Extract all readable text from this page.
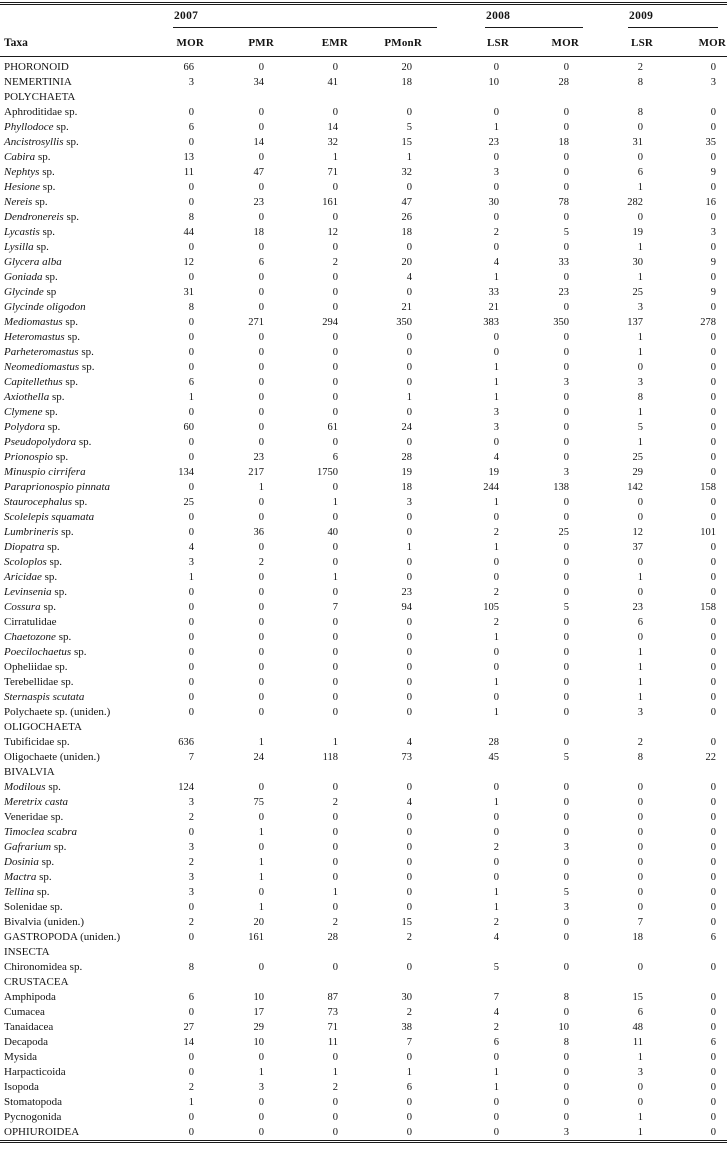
Taxa	2007				2008		2009	

	MOR	PMR	EMR	PMonR	LSR	MOR	LSR	MOR
PHORONOID	66	0	0	20	0	0	2	0
NEMERTINIA	3	34	41	18	10	28	8	3
POLYCHAETA								
Aphroditidae sp.	0	0	0	0	0	0	8	0
Phyllodoce sp.	6	0	14	5	1	0	0	0
Ancistrosyllis sp.	0	14	32	15	23	18	31	35
Cabira sp.	13	0	1	1	0	0	0	0
Nephtys sp.	11	47	71	32	3	0	6	9
Hesione sp.	0	0	0	0	0	0	1	0
Nereis sp.	0	23	161	47	30	78	282	16
Dendronereis sp.	8	0	0	26	0	0	0	0
Lycastis sp.	44	18	12	18	2	5	19	3
Lysilla sp.	0	0	0	0	0	0	1	0
Glycera alba	12	6	2	20	4	33	30	9
Goniada sp.	0	0	0	4	1	0	1	0
Glycinde sp	31	0	0	0	33	23	25	9
Glycinde oligodon	8	0	0	21	21	0	3	0
Mediomastus sp.	0	271	294	350	383	350	137	278
Heteromastus sp.	0	0	0	0	0	0	1	0
Parheteromastus sp.	0	0	0	0	0	0	1	0
Neomediomastus sp.	0	0	0	0	1	0	0	0
Capitellethus sp.	6	0	0	0	1	3	3	0
Axiothella sp.	1	0	0	1	1	0	8	0
Clymene sp.	0	0	0	0	3	0	1	0
Polydora sp.	60	0	61	24	3	0	5	0
Pseudopolydora sp.	0	0	0	0	0	0	1	0
Prionospio sp.	0	23	6	28	4	0	25	0
Minuspio cirrifera	134	217	1750	19	19	3	29	0
Paraprionospio pinnata	0	1	0	18	244	138	142	158
Staurocephalus sp.	25	0	1	3	1	0	0	0
Scolelepis squamata	0	0	0	0	0	0	0	0
Lumbrineris sp.	0	36	40	0	2	25	12	101
Diopatra sp.	4	0	0	1	1	0	37	0
Scoloplos sp.	3	2	0	0	0	0	0	0
Aricidae sp.	1	0	1	0	0	0	1	0
Levinsenia sp.	0	0	0	23	2	0	0	0
Cossura sp.	0	0	7	94	105	5	23	158
Cirratulidae	0	0	0	0	2	0	6	0
Chaetozone sp.	0	0	0	0	1	0	0	0
Poecilochaetus sp.	0	0	0	0	0	0	1	0
Opheliidae sp.	0	0	0	0	0	0	1	0
Terebellidae sp.	0	0	0	0	1	0	1	0
Sternaspis scutata	0	0	0	0	0	0	1	0
Polychaete sp. (uniden.)	0	0	0	0	1	0	3	0
OLIGOCHAETA								
Tubificidae sp.	636	1	1	4	28	0	2	0
Oligochaete (uniden.)	7	24	118	73	45	5	8	22
BIVALVIA								
Modilous sp.	124	0	0	0	0	0	0	0
Meretrix casta	3	75	2	4	1	0	0	0
Veneridae sp.	2	0	0	0	0	0	0	0
Timoclea scabra	0	1	0	0	0	0	0	0
Gafrarium sp.	3	0	0	0	2	3	0	0
Dosinia sp.	2	1	0	0	0	0	0	0
Mactra sp.	3	1	0	0	0	0	0	0
Tellina sp.	3	0	1	0	1	5	0	0
Solenidae sp.	0	1	0	0	1	3	0	0
Bivalvia (uniden.)	2	20	2	15	2	0	7	0
GASTROPODA (uniden.)	0	161	28	2	4	0	18	6
INSECTA								
Chironomidea sp.	8	0	0	0	5	0	0	0
CRUSTACEA								
Amphipoda	6	10	87	30	7	8	15	0
Cumacea	0	17	73	2	4	0	6	0
Tanaidacea	27	29	71	38	2	10	48	0
Decapoda	14	10	11	7	6	8	11	6
Mysida	0	0	0	0	0	0	1	0
Harpacticoida	0	1	1	1	1	0	3	0
Isopoda	2	3	2	6	1	0	0	0
Stomatopoda	1	0	0	0	0	0	0	0
Pycnogonida	0	0	0	0	0	0	1	0
OPHIUROIDEA	0	0	0	0	0	3	1	0
